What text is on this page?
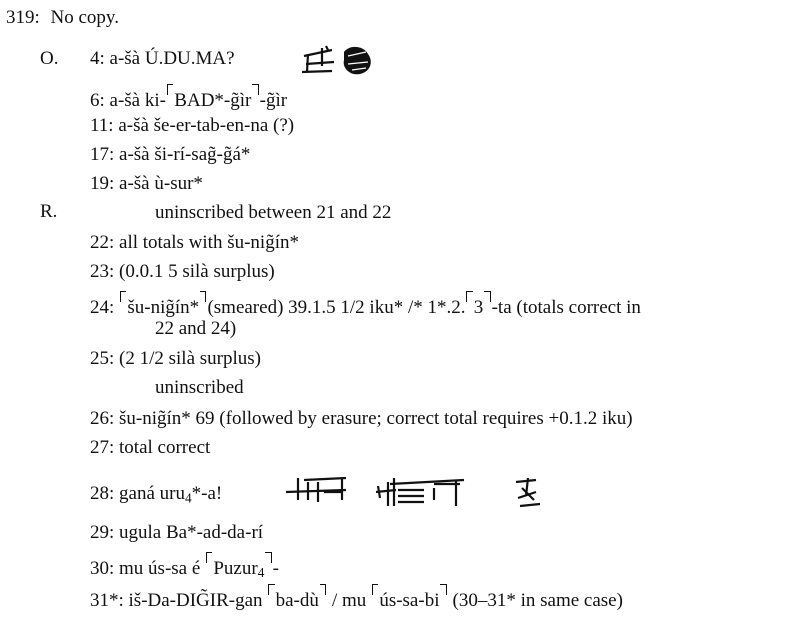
319: No copy.
O. 4: a-šà Ú.DU.MA?
6: a-šà ki- BAD*-g̃ìr -g̃ìr
11: a-šà še-er-tab-en-na (?)
17: a-šà ši-rí-sag̃-g̃á*
19: a-šà ù-sur*
R.	uninscribed between 21 and 22
22: all totals with šu-nig̃ín*
23: (0.0.1 5 silà surplus)
24: šu-nig̃ín* (smeared) 39.1.5 1/2 iku* /* 1*.2. 3 -ta (totals correct in
22 and 24)
25: (2 1/2 silà surplus)
uninscribed
26: šu-nig̃ín* 69 (followed by erasure; correct total requires +0.1.2 iku)
27: total correct
28: ganá uru$_4$*-a!
29: ugula Ba*-ad-da-rí
30: mu ús-sa é Puzur$_4$ -
31*: iš-Da-DIG̃IR-gan ba-dù / mu ús-sa-bi (30–31* in same case)
